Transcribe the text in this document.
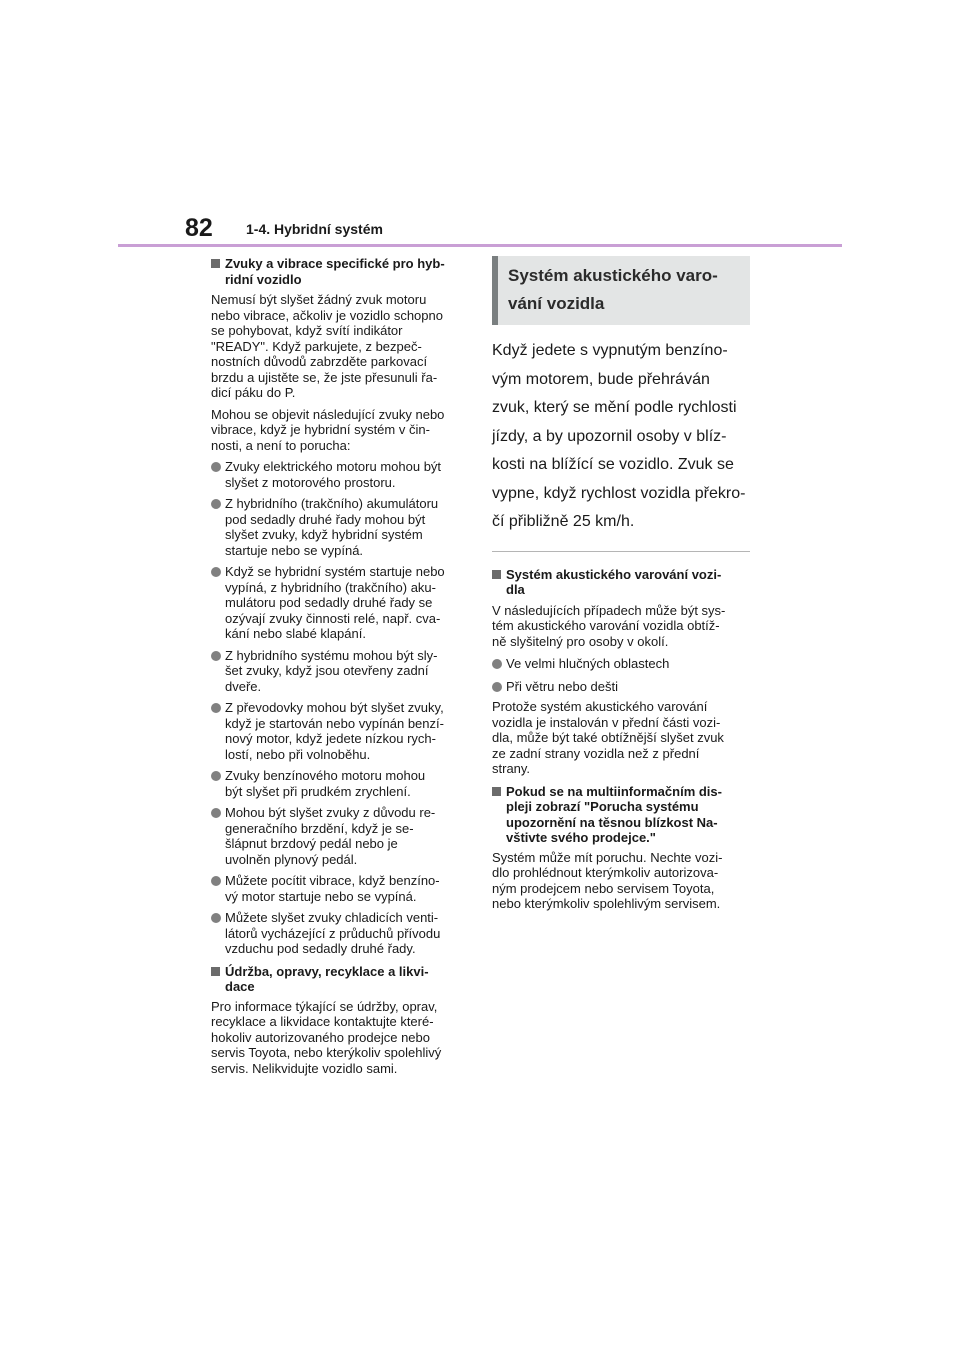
82 1-4. Hybridní systém
Zvuky a vibrace specifické pro hyb-
ridní vozidlo

Nemusí být slyšet žádný zvuk motoru
nebo vibrace, ačkoliv je vozidlo schopno
se pohybovat, když svítí indikátor
"READY". Když parkujete, z bezpeč-
nostních důvodů zabrzděte parkovací
brzdu a ujistěte se, že jste přesunuli řa-
dicí páku do P.

Mohou se objevit následující zvuky nebo
vibrace, když je hybridní systém v čin-
nosti, a není to porucha:

Zvuky elektrického motoru mohou být
slyšet z motorového prostoru.
Z hybridního (trakčního) akumulátoru
pod sedadly druhé řady mohou být
slyšet zvuky, když hybridní systém
startuje nebo se vypíná.
Když se hybridní systém startuje nebo
vypíná, z hybridního (trakčního) aku-
mulátoru pod sedadly druhé řady se
ozývají zvuky činnosti relé, např. cva-
kání nebo slabé klapání.
Z hybridního systému mohou být sly-
šet zvuky, když jsou otevřeny zadní
dveře.
Z převodovky mohou být slyšet zvuky,
když je startován nebo vypínán benzí-
nový motor, když jedete nízkou rych-
lostí, nebo při volnoběhu.
Zvuky benzínového motoru mohou
být slyšet při prudkém zrychlení.
Mohou být slyšet zvuky z důvodu re-
generačního brzdění, když je se-
šlápnut brzdový pedál nebo je
uvolněn plynový pedál.
Můžete pocítit vibrace, když benzíno-
vý motor startuje nebo se vypíná.
Můžete slyšet zvuky chladicích venti-
látorů vycházející z průduchů přívodu
vzduchu pod sedadly druhé řady.
Údržba, opravy, recyklace a likvi-
dace

Pro informace týkající se údržby, oprav,
recyklace a likvidace kontaktujte které-
hokoliv autorizovaného prodejce nebo
servis Toyota, nebo kterýkoliv spolehlivý
servis. Nelikvidujte vozidlo sami.

Systém akustického varo-
vání vozidla

Když jedete s vypnutým benzíno-
vým motorem, bude přehráván
zvuk, který se mění podle rychlosti
jízdy, a by upozornil osoby v blíz-
kosti na blížící se vozidlo. Zvuk se
vypne, když rychlost vozidla překro-
čí přibližně 25 km/h.

Systém akustického varování vozi-
dla

V následujících případech může být sys-
tém akustického varování vozidla obtíž-
ně slyšitelný pro osoby v okolí.

Ve velmi hlučných oblastech
Při větru nebo dešti

Protože systém akustického varování
vozidla je instalován v přední části vozi-
dla, může být také obtížnější slyšet zvuk
ze zadní strany vozidla než z přední
strany.

Pokud se na multiinformačním dis-
pleji zobrazí "Porucha systému
upozornění na těsnou blízkost Na-
vštivte svého prodejce."

Systém může mít poruchu. Nechte vozi-
dlo prohlédnout kterýmkoliv autorizova-
ným prodejcem nebo servisem Toyota,
nebo kterýmkoliv spolehlivým servisem.
